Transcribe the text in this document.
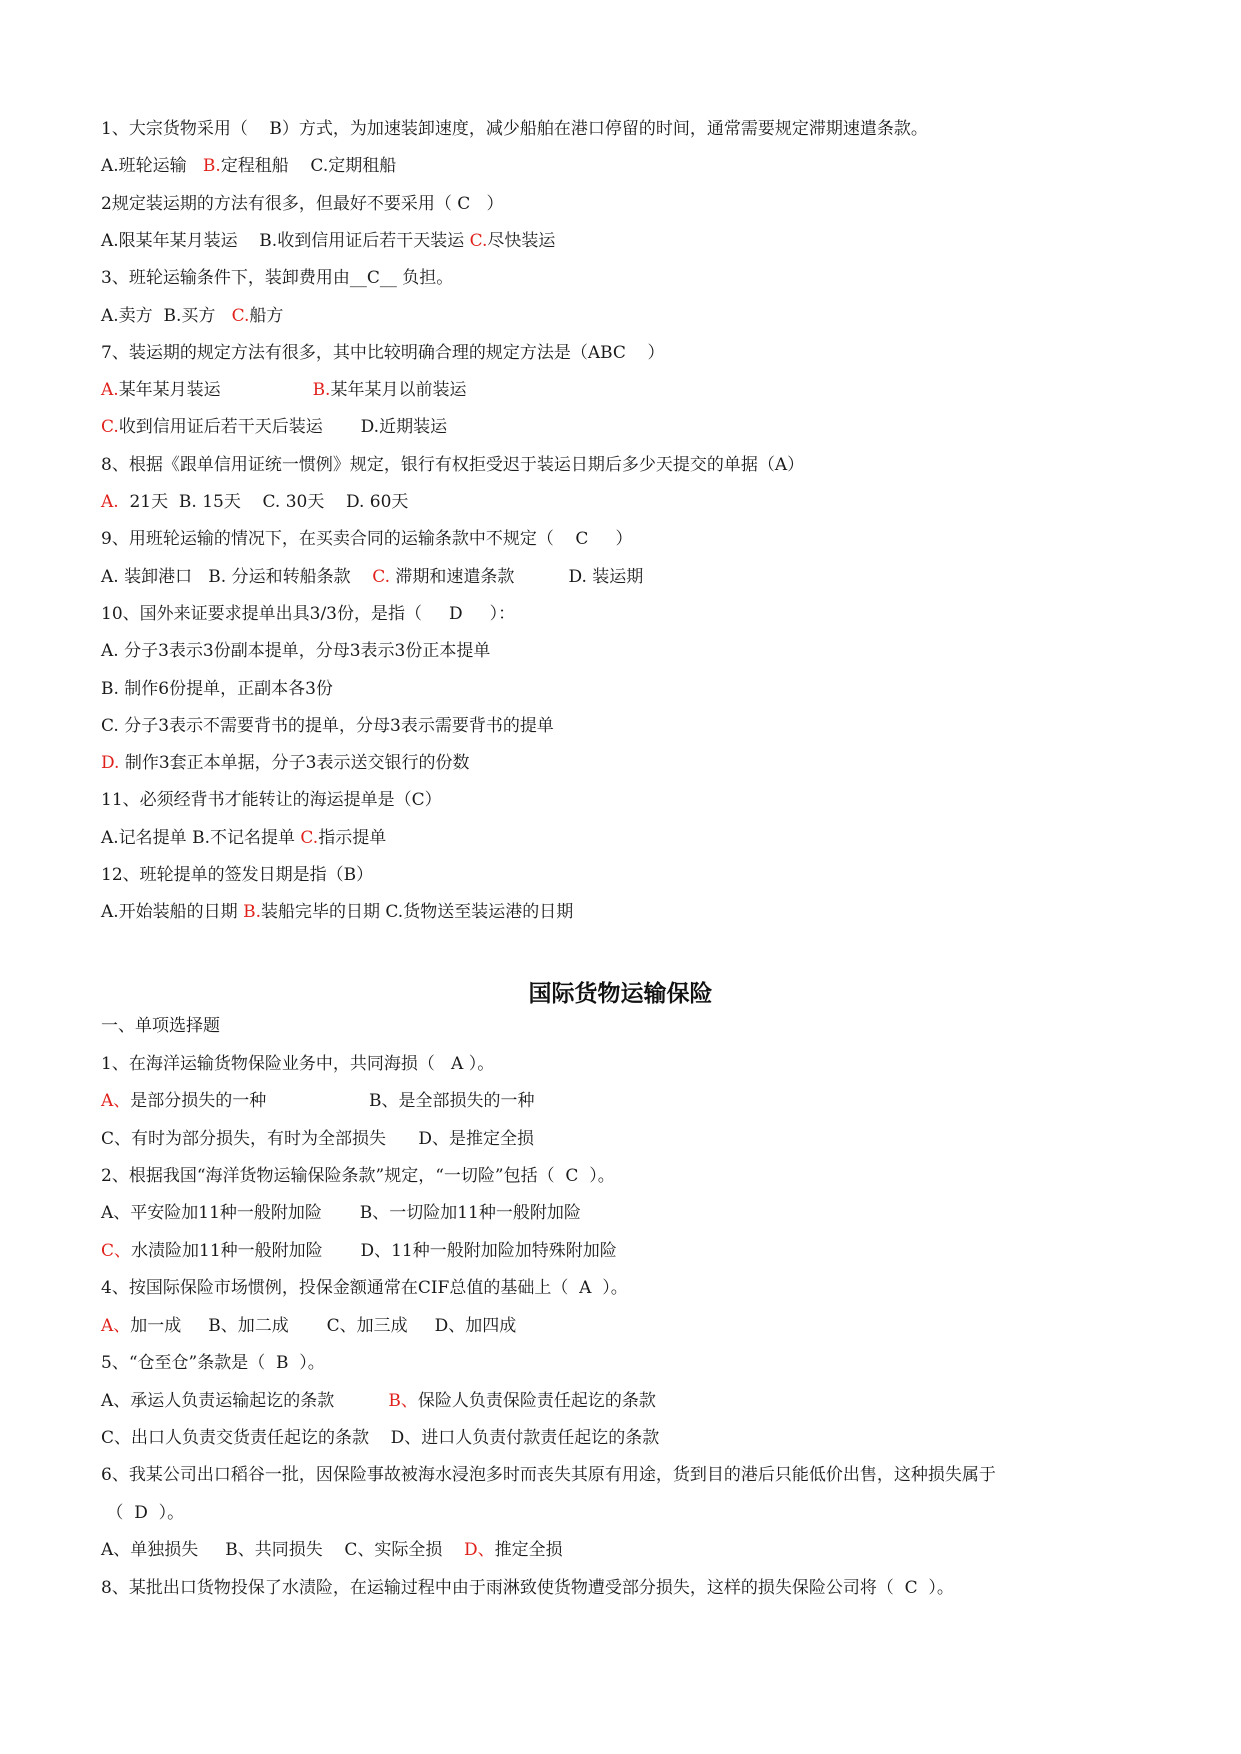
1、大宗货物采用（    B）方式，为加速装卸速度，减少船舶在港口停留的时间，通常需要规定滞期速遣条款。
A.班轮运输   B.定程租船    C.定期租船
2规定装运期的方法有很多，但最好不要采用（ C   ）
A.限某年某月装运    B.收到信用证后若干天装运 C.尽快装运
3、班轮运输条件下，装卸费用由__C__ 负担。
A.卖方  B.买方   C.船方
7、装运期的规定方法有很多，其中比较明确合理的规定方法是（ABC    ）
A.某年某月装运                 B.某年某月以前装运
C.收到信用证后若干天后装运       D.近期装运
8、根据《跟单信用证统一惯例》规定，银行有权拒受迟于装运日期后多少天提交的单据（A）
A.  21天  B. 15天    C. 30天    D. 60天
9、用班轮运输的情况下，在买卖合同的运输条款中不规定（    C     ）
A. 装卸港口   B. 分运和转船条款    C. 滞期和速遣条款          D. 装运期
10、国外来证要求提单出具3/3份，是指（     D     ）：
A. 分子3表示3份副本提单，分母3表示3份正本提单
B. 制作6份提单，正副本各3份
C. 分子3表示不需要背书的提单，分母3表示需要背书的提单
D. 制作3套正本单据，分子3表示送交银行的份数
11、必须经背书才能转让的海运提单是（C）
A.记名提单 B.不记名提单 C.指示提单
12、班轮提单的签发日期是指（B）
A.开始装船的日期 B.装船完毕的日期 C.货物送至装运港的日期
国际货物运输保险
一、单项选择题
1、在海洋运输货物保险业务中，共同海损（   A ）。
A、是部分损失的一种                   B、是全部损失的一种
C、有时为部分损失，有时为全部损失      D、是推定全损
2、根据我国“海洋货物运输保险条款”规定，“一切险”包括（  C  ）。
A、平安险加11种一般附加险       B、一切险加11种一般附加险
C、水渍险加11种一般附加险       D、11种一般附加险加特殊附加险
4、按国际保险市场惯例，投保金额通常在CIF总值的基础上（  A  ）。
A、加一成     B、加二成       C、加三成     D、加四成
5、“仓至仓”条款是（  B  ）。
A、承运人负责运输起讫的条款          B、保险人负责保险责任起讫的条款
C、出口人负责交货责任起讫的条款    D、进口人负责付款责任起讫的条款
6、我某公司出口稻谷一批，因保险事故被海水浸泡多时而丧失其原有用途，货到目的港后只能低价出售，这种损失属于
（  D  ）。
A、单独损失     B、共同损失    C、实际全损    D、推定全损
8、某批出口货物投保了水渍险，在运输过程中由于雨淋致使货物遭受部分损失，这样的损失保险公司将（  C  ）。
